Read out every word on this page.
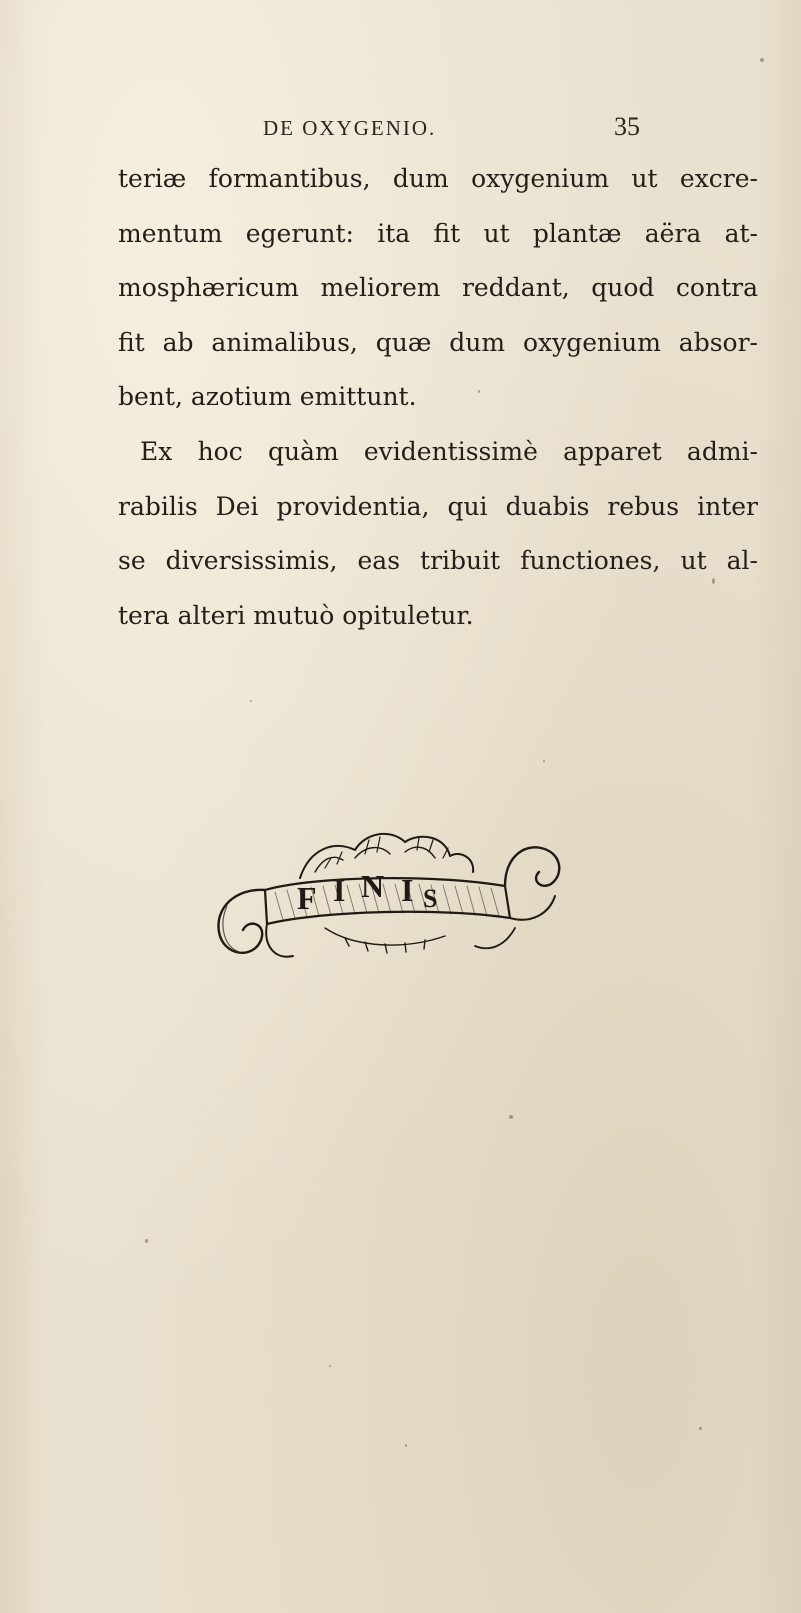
DE OXYGENIO.	35
teriæ formantibus, dum oxygenium ut excre-
mentum egerunt: ita fit ut plantæ aëra at-
mosphæricum meliorem reddant, quod contra
fit ab animalibus, quæ dum oxygenium absor-
bent, azotium emittunt.
Ex hoc quàm evidentissimè apparet admi-
rabilis Dei providentia, qui duabis rebus inter
se diversissimis, eas tribuit functiones, ut al-
tera alteri mutuò opituletur.
F I N I S
